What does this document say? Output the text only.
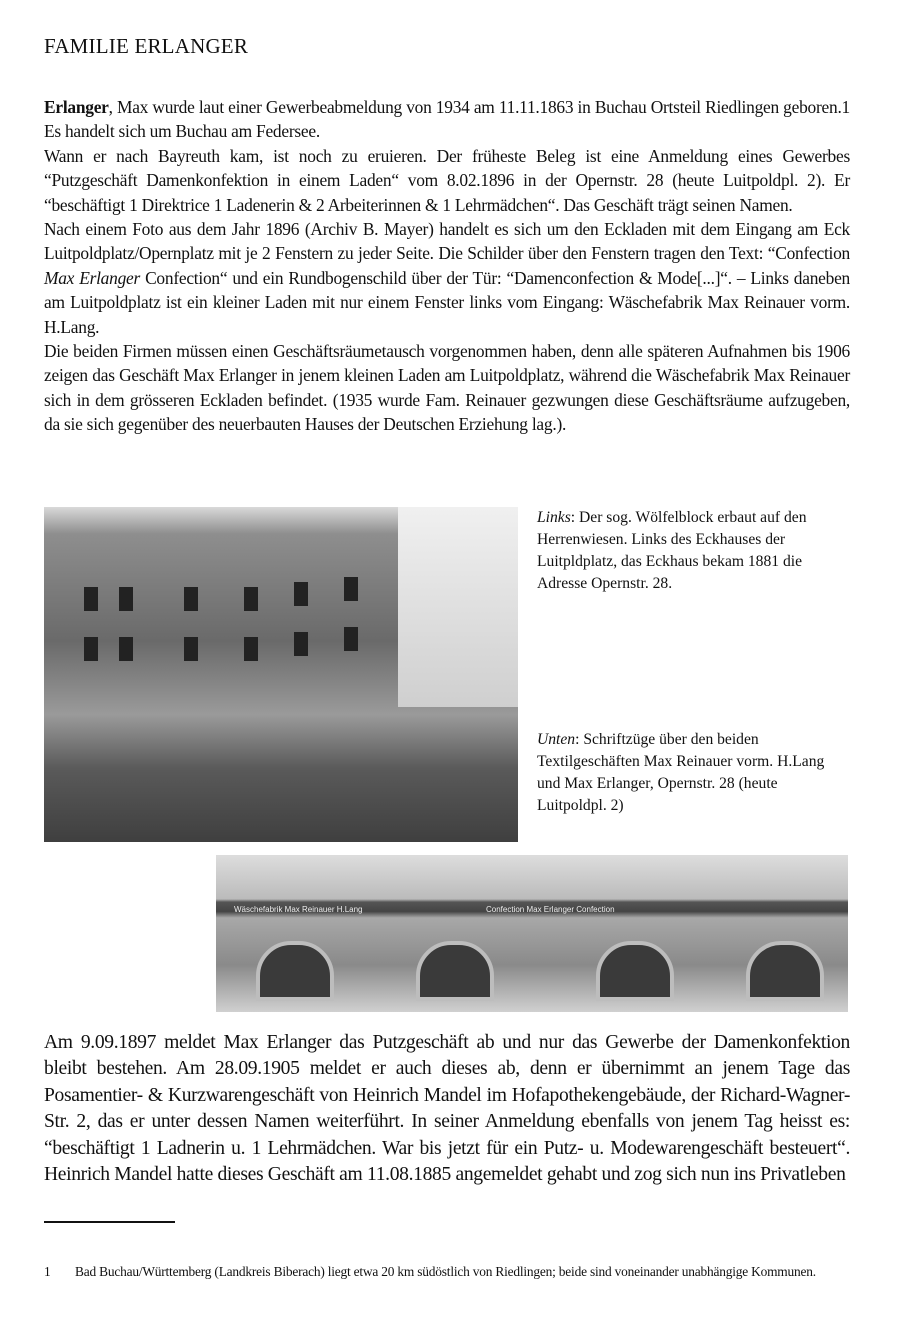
FAMILIE ERLANGER

Erlanger, Max wurde laut einer Gewerbeabmeldung von 1934 am 11.11.1863 in Buchau Ortsteil Riedlingen geboren.1 Es handelt sich um Buchau am Federsee.

Wann er nach Bayreuth kam, ist noch zu eruieren. Der früheste Beleg ist eine Anmeldung eines Gewerbes “Putzgeschäft Damenkonfektion in einem Laden“ vom 8.02.1896 in der Opernstr. 28 (heute Luitpoldpl. 2). Er “beschäftigt 1 Direktrice 1 Ladenerin & 2 Arbeiterinnen & 1 Lehrmädchen“. Das Geschäft trägt seinen Namen.

Nach einem Foto aus dem Jahr 1896 (Archiv B. Mayer) handelt es sich um den Eckladen mit dem Eingang am Eck Luitpoldplatz/Opernplatz mit je 2 Fenstern zu jeder Seite. Die Schilder über den Fenstern tragen den Text: “Confection Max Erlanger Confection“ und ein Rundbogenschild über der Tür: “Damenconfection & Mode[...]“. – Links daneben am Luitpoldplatz ist ein kleiner Laden mit nur einem Fenster links vom Eingang: Wäschefabrik Max Reinauer vorm. H.Lang.

Die beiden Firmen müssen einen Geschäftsräumetausch vorgenommen haben, denn alle späteren Aufnahmen bis 1906 zeigen das Geschäft Max Erlanger in jenem kleinen Laden am Luitpoldplatz, während die Wäschefabrik Max Reinauer sich in dem grösseren Eckladen befindet. (1935 wurde Fam. Reinauer gezwungen diese Geschäftsräume aufzugeben, da sie sich gegenüber des neuerbauten Hauses der Deutschen Erziehung lag.).

Links: Der sog. Wölfelblock erbaut auf den Herrenwiesen. Links des Eckhauses der Luitpldplatz, das Eckhaus bekam 1881 die Adresse Opernstr. 28.
Unten: Schriftzüge über den beiden Textilgeschäften Max Reinauer vorm. H.Lang und Max Erlanger, Opernstr. 28 (heute Luitpoldpl. 2)
Wäschefabrik Max Reinauer H.Lang	Confection Max Erlanger Confection
Am 9.09.1897 meldet Max Erlanger das Putzgeschäft ab und nur das Gewerbe der Damenkonfektion bleibt bestehen. Am 28.09.1905 meldet er auch dieses ab, denn er übernimmt an jenem Tage das Posamentier- & Kurzwarengeschäft von Heinrich Mandel im Hofapothekengebäude, der Richard-Wagner-Str. 2, das er unter dessen Namen weiterführt. In seiner Anmeldung ebenfalls von jenem Tag heisst es: “beschäftigt 1 Ladnerin u. 1 Lehrmädchen. War bis jetzt für ein Putz- u. Modewarengeschäft besteuert“. Heinrich Mandel hatte dieses Geschäft am 11.08.1885 angemeldet gehabt und zog sich nun ins Privatleben
1 Bad Buchau/Württemberg (Landkreis Biberach) liegt etwa 20 km südöstlich von Riedlingen; beide sind voneinander unabhängige Kommunen.
